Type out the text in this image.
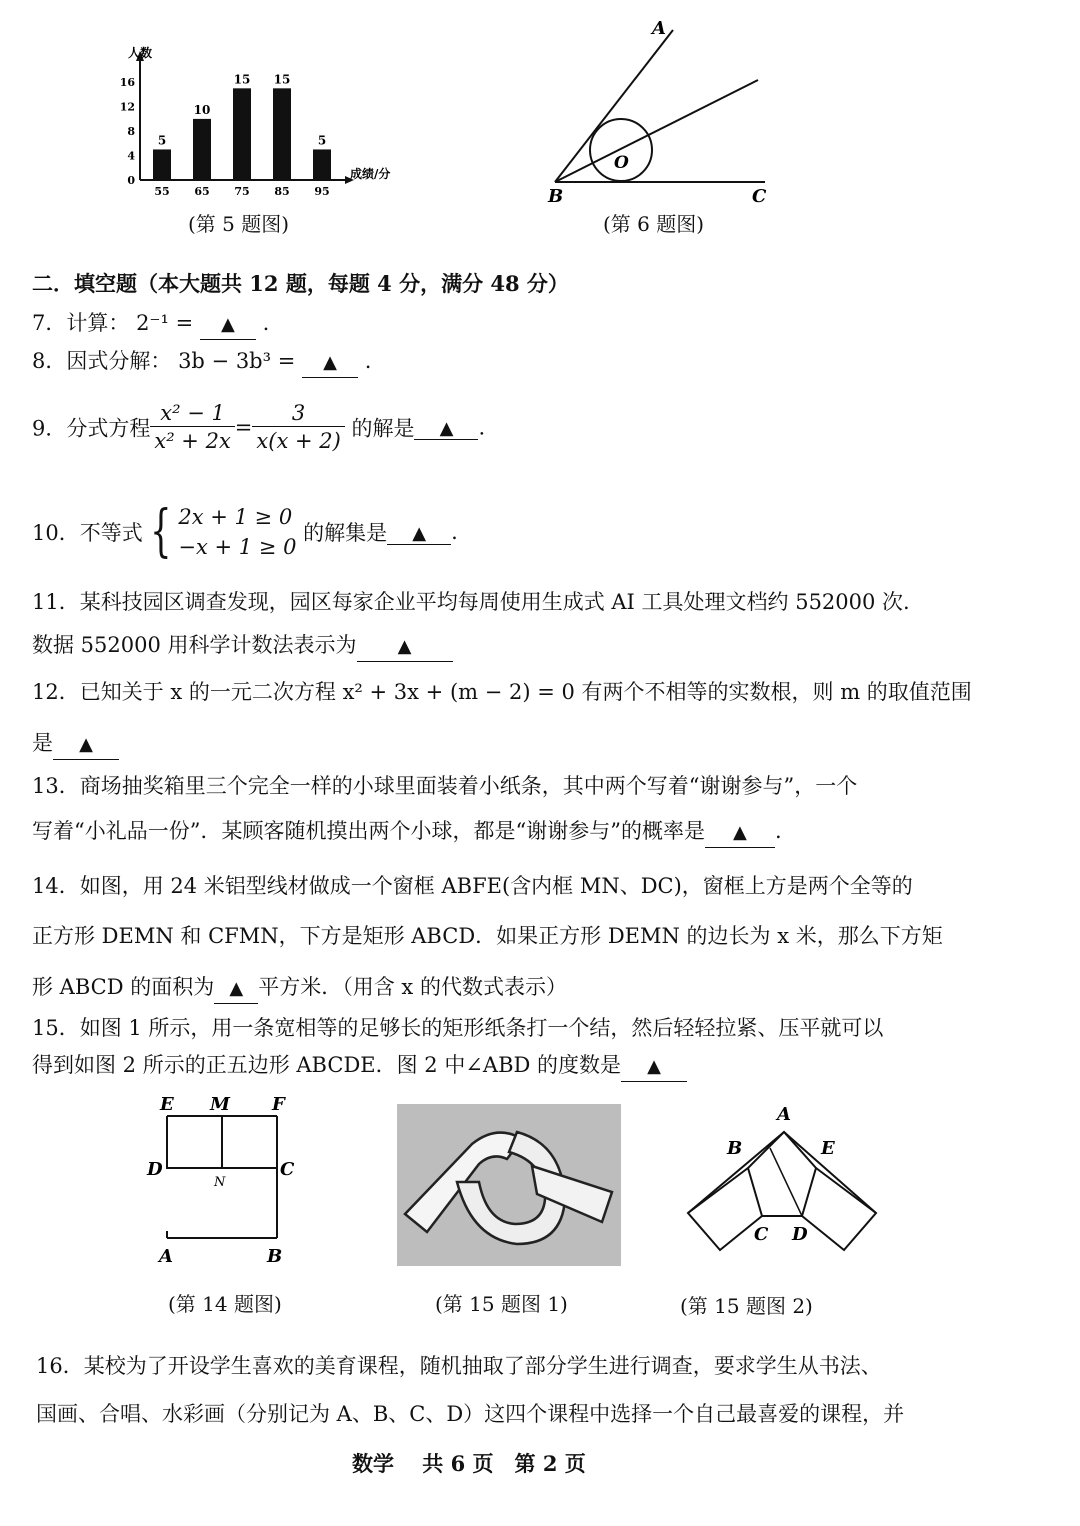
人数
成绩/分
0
4
8
12
16
5
55
10
65
15
75
15
85
5
95
(第 5 题图)
A
B	C
O
(第 6 题图)
二．填空题（本大题共 12 题，每题 4 分，满分 48 分）
7．计算： 2⁻¹ = ▲ .
8．因式分解： 3b − 3b³ = ▲ .
9．分式方程 $\frac{\text{x² − 1}}{\text{x² + 2x}} = \frac{3}{x(x + 2)}$ 的解是 ▲ .
10．不等式 { 2x + 1 ≥ 0
−x + 1 ≥ 0
的解集是 ▲ .
11．某科技园区调查发现，园区每家企业平均每周使用生成式 AI 工具处理文档约 552000 次.
数据 552000 用科学计数法表示为 ▲
12．已知关于 x 的一元二次方程 x² + 3x + (m − 2) = 0 有两个不相等的实数根，则 m 的取值范围
是 ▲
13．商场抽奖箱里三个完全一样的小球里面装着小纸条，其中两个写着“谢谢参与”，一个
写着“小礼品一份”．某顾客随机摸出两个小球，都是“谢谢参与”的概率是 ▲ .
14．如图，用 24 米铝型线材做成一个窗框 ABFE(含内框 MN、DC)，窗框上方是两个全等的
正方形 DEMN 和 CFMN，下方是矩形 ABCD．如果正方形 DEMN 的边长为 x 米，那么下方矩
形 ABCD 的面积为 ▲ 平方米．（用含 x 的代数式表示）
15．如图 1 所示，用一条宽相等的足够长的矩形纸条打一个结，然后轻轻拉紧、压平就可以
得到如图 2 所示的正五边形 ABCDE．图 2 中∠ABD 的度数是 ▲
E M F
D
N
C
A	B
(第 14 题图)	(第 15 题图 1)
A
B	E
C D
(第 15 题图 2)
16．某校为了开设学生喜欢的美育课程，随机抽取了部分学生进行调查，要求学生从书法、
国画、合唱、水彩画（分别记为 A、B、C、D）这四个课程中选择一个自己最喜爱的课程，并
数学　 共 6 页　第 2 页
